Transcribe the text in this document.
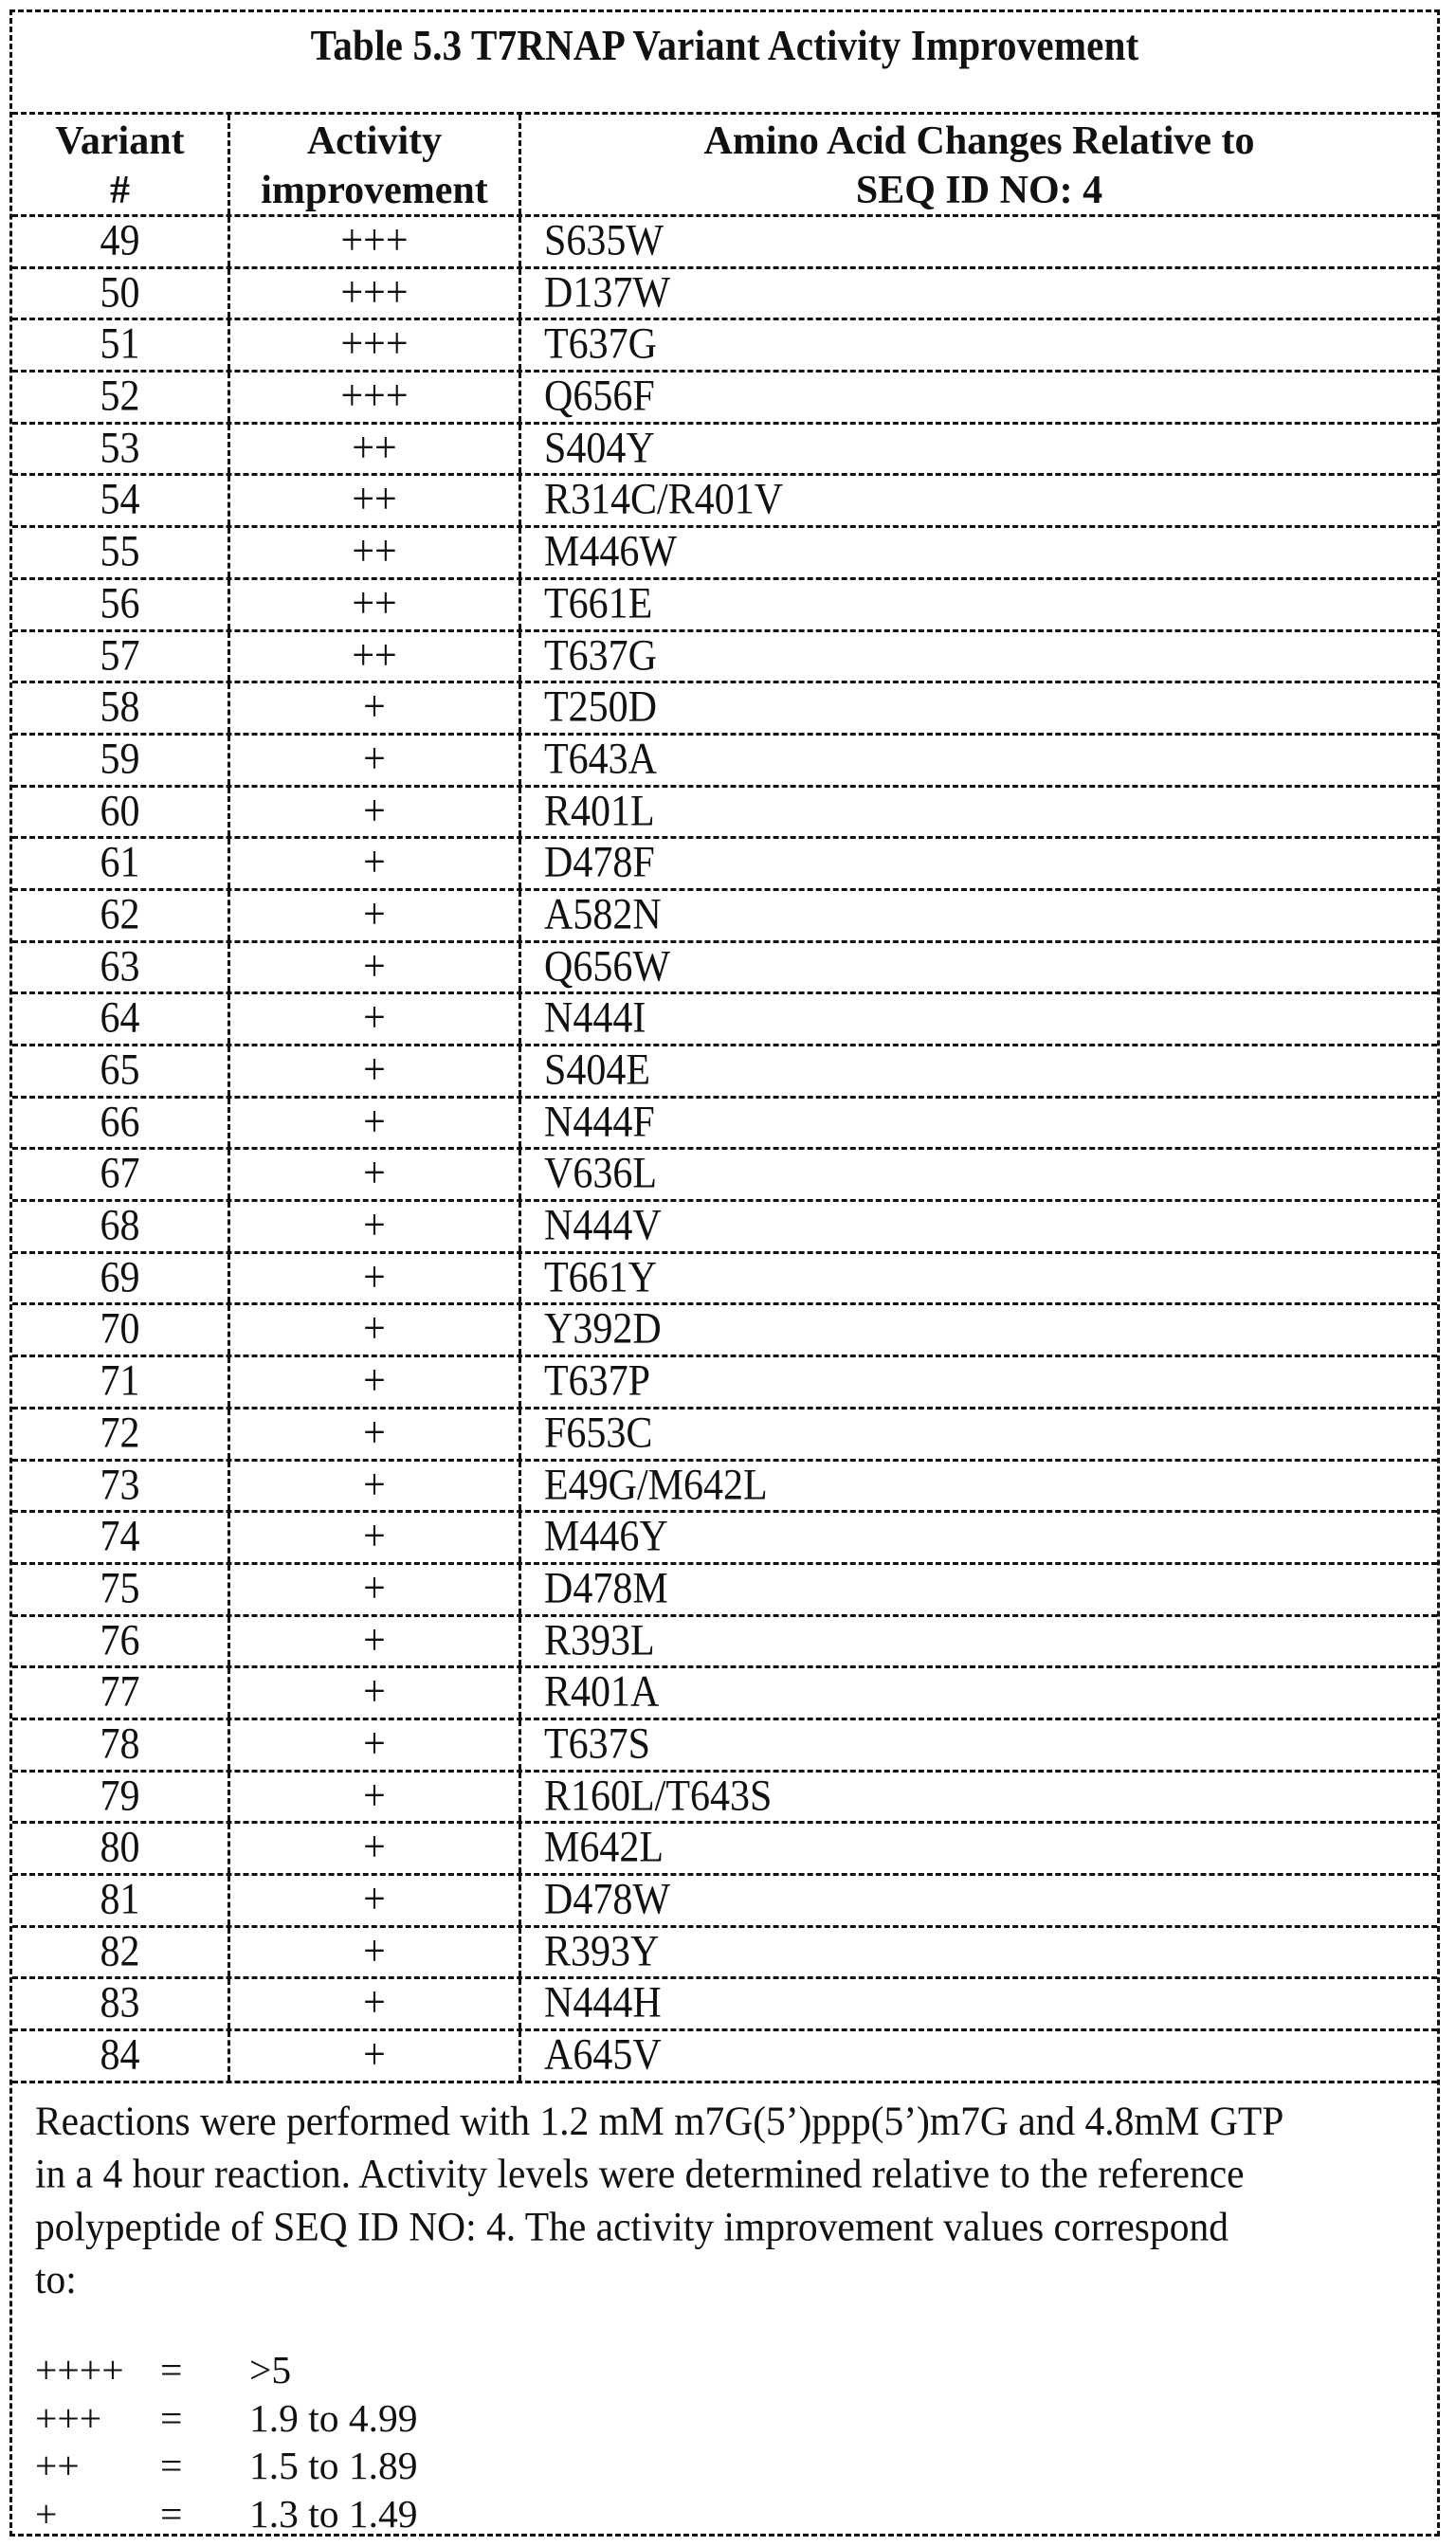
Table 5.3 T7RNAP Variant Activity Improvement
Variant
#
Activity
improvement
Amino Acid Changes Relative to
SEQ ID NO: 4
49	+++	S635W
50	+++	D137W
51	+++	T637G
52	+++	Q656F
53	++	S404Y
54	++	R314C/R401V
55	++	M446W
56	++	T661E
57	++	T637G
58	+	T250D
59	+	T643A
60	+	R401L
61	+	D478F
62	+	A582N
63	+	Q656W
64	+	N444I
65	+	S404E
66	+	N444F
67	+	V636L
68	+	N444V
69	+	T661Y
70	+	Y392D
71	+	T637P
72	+	F653C
73	+	E49G/M642L
74	+	M446Y
75	+	D478M
76	+	R393L
77	+	R401A
78	+	T637S
79	+	R160L/T643S
80	+	M642L
81	+	D478W
82	+	R393Y
83	+	N444H
84	+	A645V

Reactions were performed with 1.2 mM m7G(5’)ppp(5’)m7G and 4.8mM GTP

in a 4 hour reaction. Activity levels were determined relative to the reference

polypeptide of SEQ ID NO: 4. The activity improvement values correspond

to:

++++ =	>5
+++	=	1.9 to 4.99
++	=	1.5 to 1.89
+	=	1.3 to 1.49
